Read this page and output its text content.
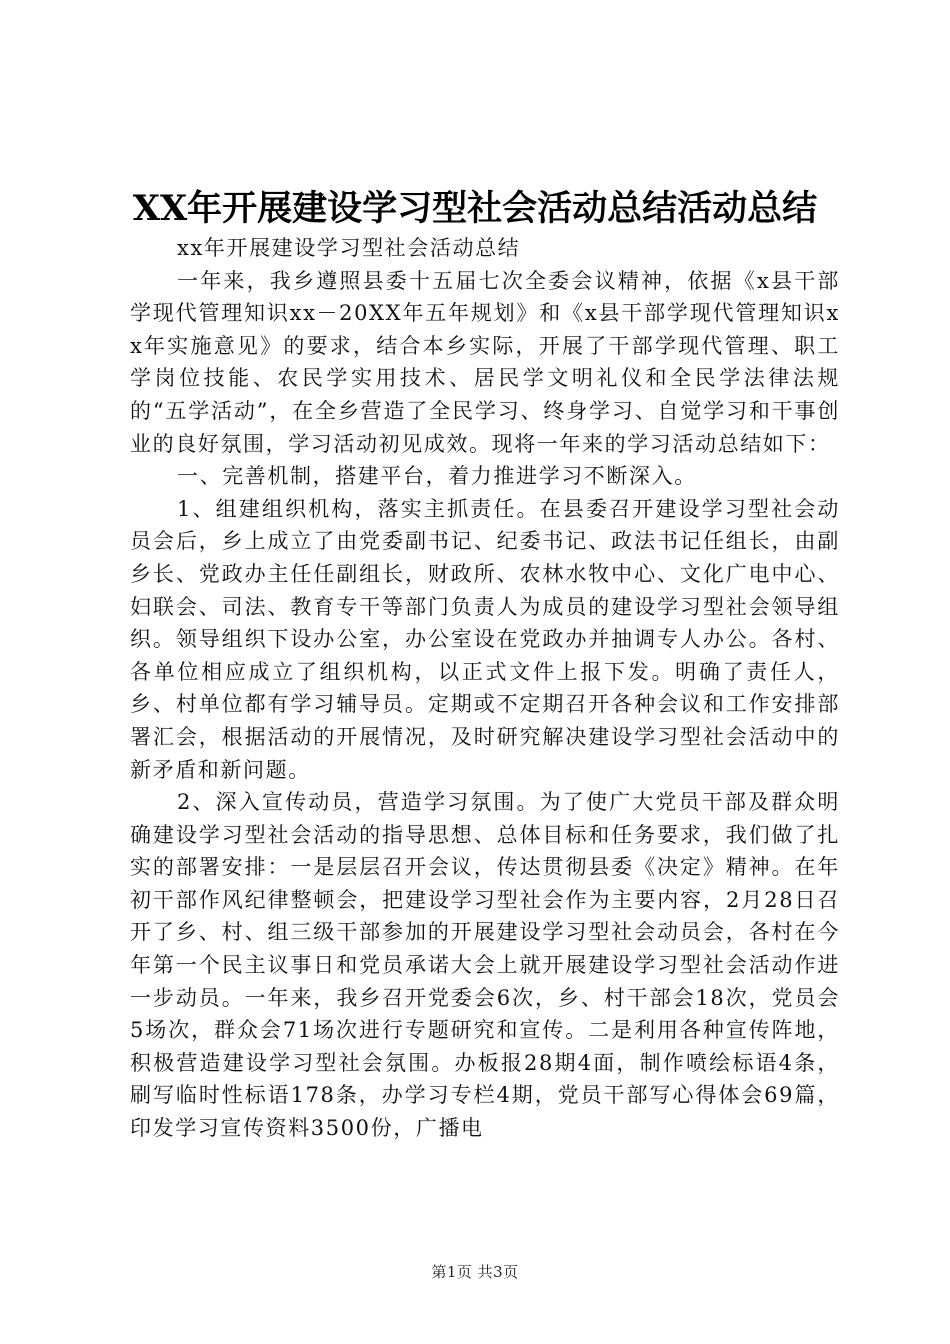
XX年开展建设学习型社会活动总结活动总结

xx年开展建设学习型社会活动总结

一年来，我乡遵照县委十五届七次全委会议精神，依据《x县干部学现代管理知识xx－20XX年五年规划》和《x县干部学现代管理知识xx年实施意见》的要求，结合本乡实际，开展了干部学现代管理、职工学岗位技能、农民学实用技术、居民学文明礼仪和全民学法律法规的“五学活动”，在全乡营造了全民学习、终身学习、自觉学习和干事创业的良好氛围，学习活动初见成效。现将一年来的学习活动总结如下：

一、完善机制，搭建平台，着力推进学习不断深入。

1、组建组织机构，落实主抓责任。在县委召开建设学习型社会动员会后，乡上成立了由党委副书记、纪委书记、政法书记任组长，由副乡长、党政办主任任副组长，财政所、农林水牧中心、文化广电中心、妇联会、司法、教育专干等部门负责人为成员的建设学习型社会领导组织。领导组织下设办公室，办公室设在党政办并抽调专人办公。各村、各单位相应成立了组织机构，以正式文件上报下发。明确了责任人，乡、村单位都有学习辅导员。定期或不定期召开各种会议和工作安排部署汇会，根据活动的开展情况，及时研究解决建设学习型社会活动中的新矛盾和新问题。

2、深入宣传动员，营造学习氛围。为了使广大党员干部及群众明确建设学习型社会活动的指导思想、总体目标和任务要求，我们做了扎实的部署安排：一是层层召开会议，传达贯彻县委《决定》精神。在年初干部作风纪律整顿会，把建设学习型社会作为主要内容，2月28日召开了乡、村、组三级干部参加的开展建设学习型社会动员会，各村在今年第一个民主议事日和党员承诺大会上就开展建设学习型社会活动作进一步动员。一年来，我乡召开党委会6次，乡、村干部会18次，党员会5场次，群众会71场次进行专题研究和宣传。二是利用各种宣传阵地，积极营造建设学习型社会氛围。办板报28期4面，制作喷绘标语4条，刷写临时性标语178条，办学习专栏4期，党员干部写心得体会69篇，印发学习宣传资料3500份，广播电

第1页 共3页
